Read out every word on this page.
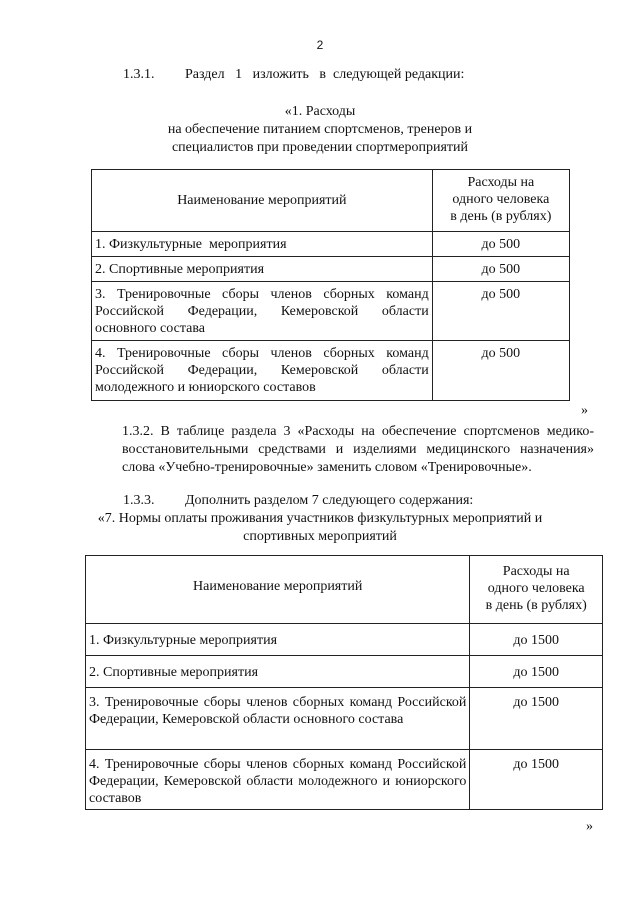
2
1.3.1. Раздел   1   изложить   в  следующей редакции:
«1. Расходы
на обеспечение питанием спортсменов, тренеров и
специалистов при проведении спортмероприятий
Наименование мероприятий	Расходы на
одного человека
в день (в рублях)

1. Физкультурные  мероприятия	до 500
2. Спортивные мероприятия	до 500
3. Тренировочные сборы членов сборных команд Российской Федерации, Кемеровской области основного состава	до 500
4. Тренировочные сборы членов сборных команд Российской Федерации, Кемеровской области молодежного и юниорского составов	до 500
»
1.3.2. В таблице раздела 3 «Расходы на обеспечение спортсменов медико-восстановительными средствами и изделиями медицинского назначения» слова «Учебно-тренировочные» заменить словом «Тренировочные».
1.3.3. Дополнить разделом 7 следующего содержания:
«7. Нормы оплаты проживания участников физкультурных мероприятий и
спортивных мероприятий
Наименование мероприятий	Расходы на
одного человека
в день (в рублях)

1. Физкультурные мероприятия	до 1500
2. Спортивные мероприятия	до 1500
3. Тренировочные сборы членов сборных команд Российской Федерации, Кемеровской области основного состава	до 1500
4. Тренировочные сборы членов сборных команд Российской Федерации, Кемеровской области молодежного и юниорского составов	до 1500
»
